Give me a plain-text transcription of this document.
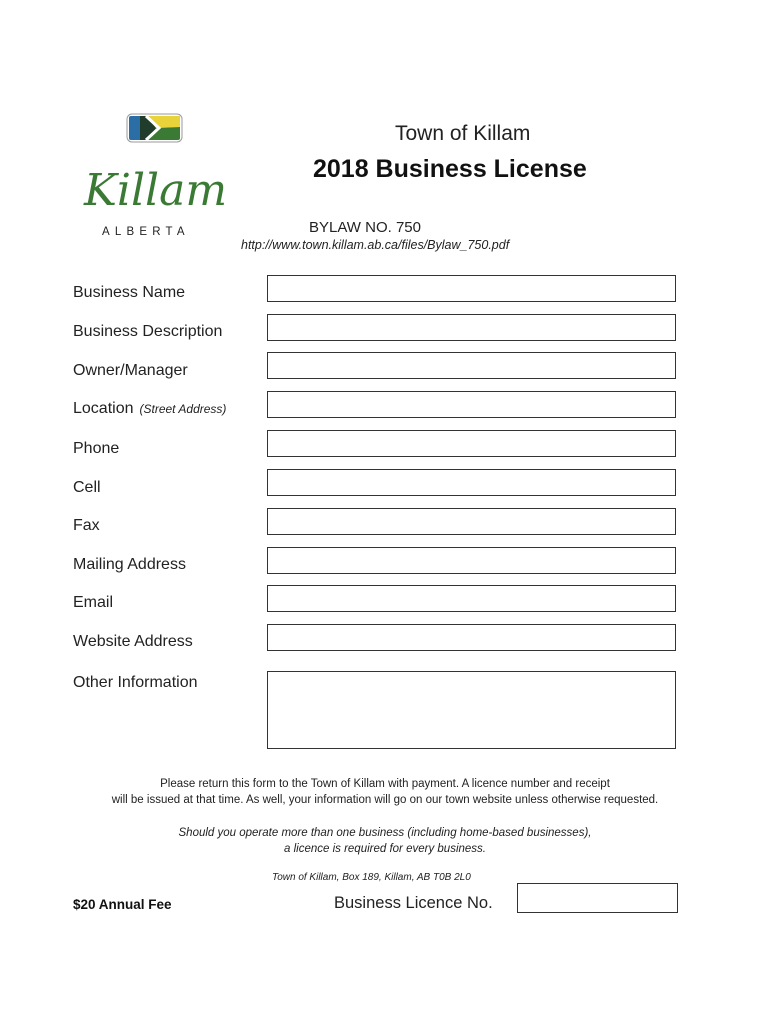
Killam
ALBERTA
Town of Killam
2018 Business License
BYLAW NO. 750
http://www.town.killam.ab.ca/files/Bylaw_750.pdf
Business Name
Business Description
Owner/Manager
Location (Street Address)
Phone
Cell
Fax
Mailing Address
Email
Website Address
Other Information
Please return this form to the Town of Killam with payment. A licence number and receipt
will be issued at that time. As well, your information will go on our town website unless otherwise requested.
Should you operate more than one business (including home-based businesses),
a licence is required for every business.
Town of Killam, Box 189, Killam, AB T0B 2L0
$20 Annual Fee	Business Licence No.
